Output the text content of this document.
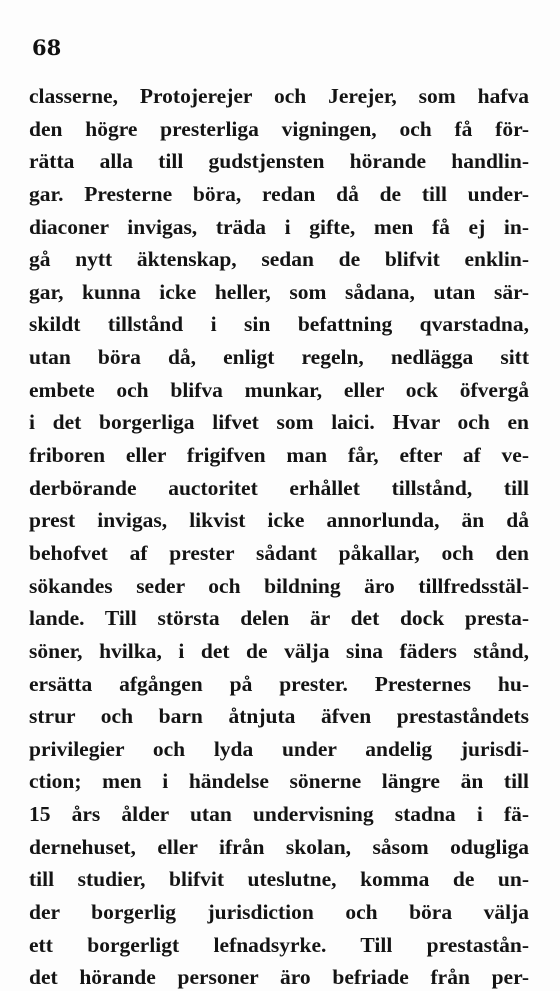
68
classerne, Protojerejer och Jerejer, som hafva
den högre presterliga vigningen, och få för-
rätta alla till gudstjensten hörande handlin-
gar. Presterne böra, redan då de till under-
diaconer invigas, träda i gifte, men få ej in-
gå nytt äktenskap, sedan de blifvit enklin-
gar, kunna icke heller, som sådana, utan sär-
skildt tillstånd i sin befattning qvarstadna,
utan böra då, enligt regeln, nedlägga sitt
embete och blifva munkar, eller ock öfvergå
i det borgerliga lifvet som laici. Hvar och en
friboren eller frigifven man får, efter af ve-
derbörande auctoritet erhållet tillstånd, till
prest invigas, likvist icke annorlunda, än då
behofvet af prester sådant påkallar, och den
sökandes seder och bildning äro tillfredsstäl-
lande. Till största delen är det dock presta-
söner, hvilka, i det de välja sina fäders stånd,
ersätta afgången på prester. Presternes hu-
strur och barn åtnjuta äfven prestaståndets
privilegier och lyda under andelig jurisdi-
ction; men i händelse sönerne längre än till
15 års ålder utan undervisning stadna i fä-
dernehuset, eller ifrån skolan, såsom odugliga
till studier, blifvit uteslutne, komma de un-
der borgerlig jurisdiction och böra välja
ett borgerligt lefnadsyrke. Till prestastån-
det hörande personer äro befriade från per-
